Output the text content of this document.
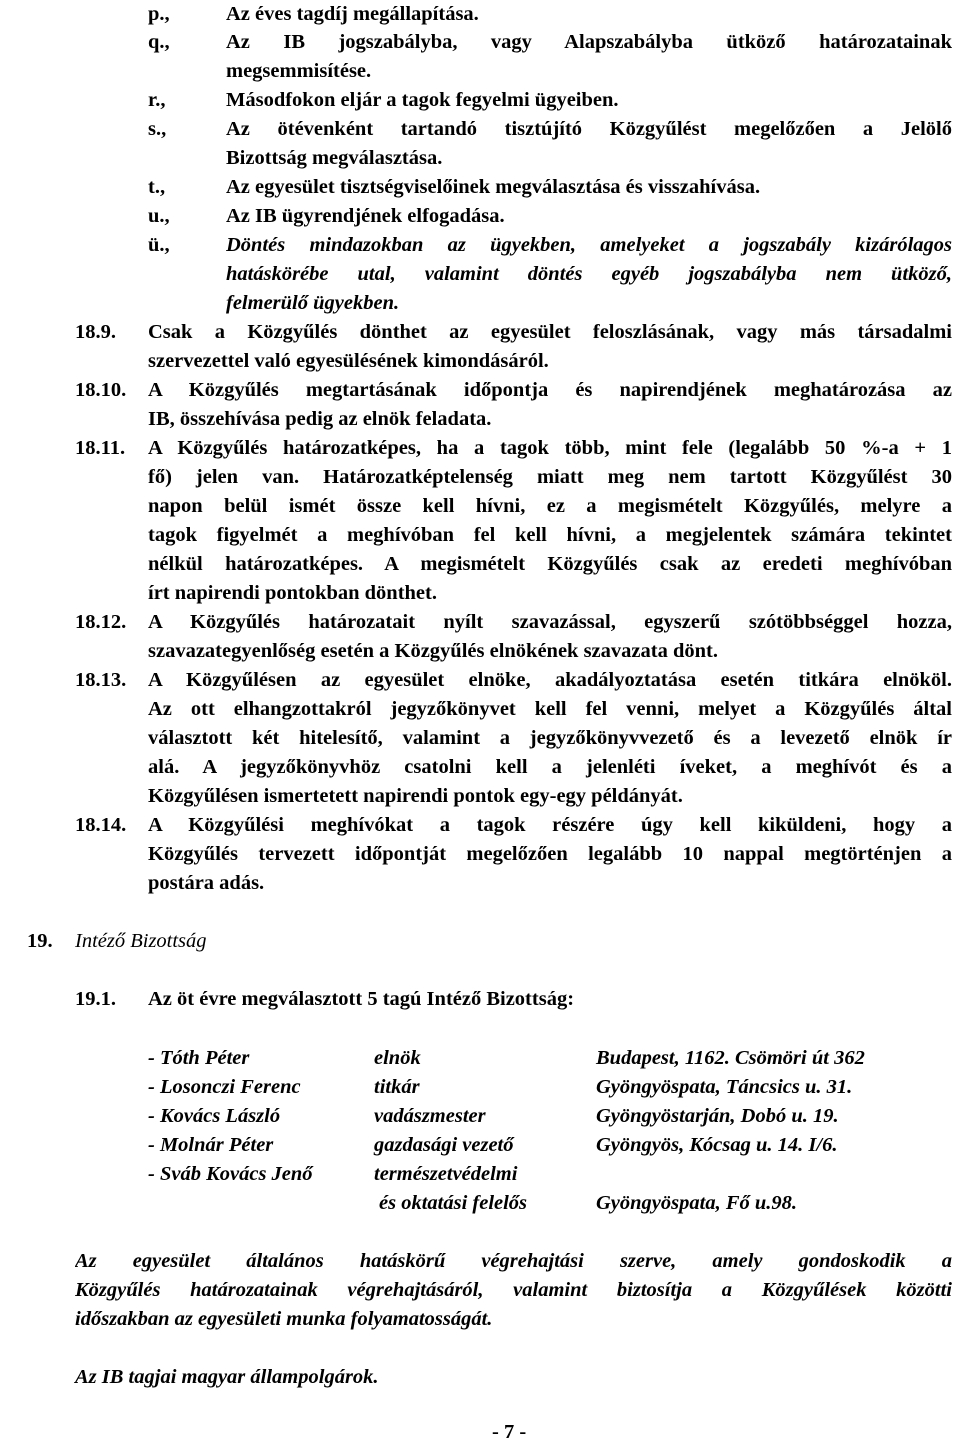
p.,	Az éves tagdíj megállapítása.
q.,	Az IB jogszabályba, vagy Alapszabályba ütköző határozatainak
megsemmisítése.
r.,	Másodfokon eljár a tagok fegyelmi ügyeiben.
s.,	Az ötévenként tartandó tisztújító Közgyűlést megelőzően a Jelölő
Bizottság megválasztása.
t.,	Az egyesület tisztségviselőinek megválasztása és visszahívása.
u.,	Az IB ügyrendjének elfogadása.
ü.,	Döntés mindazokban az ügyekben, amelyeket a jogszabály kizárólagos
hatáskörébe utal, valamint döntés egyéb jogszabályba nem ütköző,
felmerülő ügyekben.
18.9. Csak a Közgyűlés dönthet az egyesület feloszlásának, vagy más társadalmi
szervezettel való egyesülésének kimondásáról.
18.10. A Közgyűlés megtartásának időpontja és napirendjének meghatározása az
IB, összehívása pedig az elnök feladata.
18.11. A Közgyűlés határozatképes, ha a tagok több, mint fele (legalább 50 %-a + 1
fő) jelen van. Határozatképtelenség miatt meg nem tartott Közgyűlést 30
napon belül ismét össze kell hívni, ez a megismételt Közgyűlés, melyre a
tagok figyelmét a meghívóban fel kell hívni, a megjelentek számára tekintet
nélkül határozatképes. A megismételt Közgyűlés csak az eredeti meghívóban
írt napirendi pontokban dönthet.
18.12. A Közgyűlés határozatait nyílt szavazással, egyszerű szótöbbséggel hozza,
szavazategyenlőség esetén a Közgyűlés elnökének szavazata dönt.
18.13. A Közgyűlésen az egyesület elnöke, akadályoztatása esetén titkára elnököl.
Az ott elhangzottakról jegyzőkönyvet kell fel venni, melyet a Közgyűlés által
választott két hitelesítő, valamint a jegyzőkönyvvezető és a levezető elnök ír
alá. A jegyzőkönyvhöz csatolni kell a jelenléti íveket, a meghívót és a
Közgyűlésen ismertetett napirendi pontok egy-egy példányát.
18.14. A Közgyűlési meghívókat a tagok részére úgy kell kiküldeni, hogy a
Közgyűlés tervezett időpontját megelőzően legalább 10 nappal megtörténjen a
postára adás.
19. Intéző Bizottság
19.1. Az öt évre megválasztott 5 tagú Intéző Bizottság:
- Tóth Péter	elnök	Budapest, 1162. Csömöri út 362
- Losonczi Ferenc	titkár	Gyöngyöspata, Táncsics u. 31.
- Kovács László	vadászmester	Gyöngyöstarján, Dobó u. 19.
- Molnár Péter	gazdasági vezető	Gyöngyös, Kócsag u. 14. I/6.
- Sváb Kovács Jenő	természetvédelmi
és oktatási felelős	Gyöngyöspata, Fő u.98.
Az egyesület általános hatáskörű végrehajtási szerve, amely gondoskodik a
Közgyűlés határozatainak végrehajtásáról, valamint biztosítja a Közgyűlések közötti
időszakban az egyesületi munka folyamatosságát.
Az IB tagjai magyar állampolgárok.
- 7 -
